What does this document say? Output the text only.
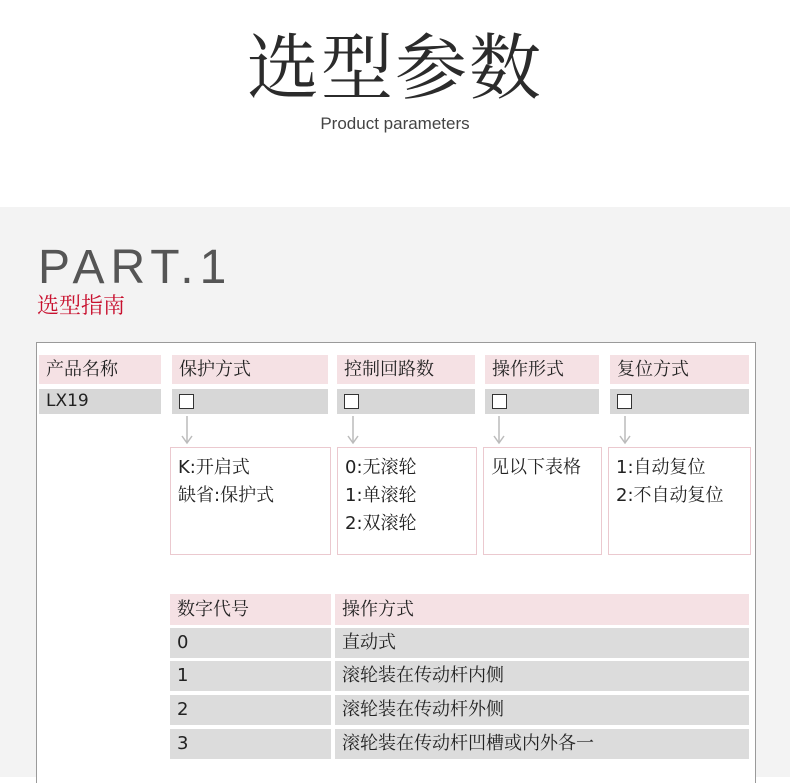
选型参数
Product parameters
PART.1
选型指南
产品名称
LX19
保护方式
K:开启式
缺省:保护式
控制回路数
0:无滚轮
1:单滚轮
2:双滚轮
操作形式
见以下表格
复位方式
1:自动复位
2:不自动复位
数字代号	操作方式
0	直动式
1	滚轮装在传动杆内侧
2	滚轮装在传动杆外侧
3	滚轮装在传动杆凹槽或内外各一
